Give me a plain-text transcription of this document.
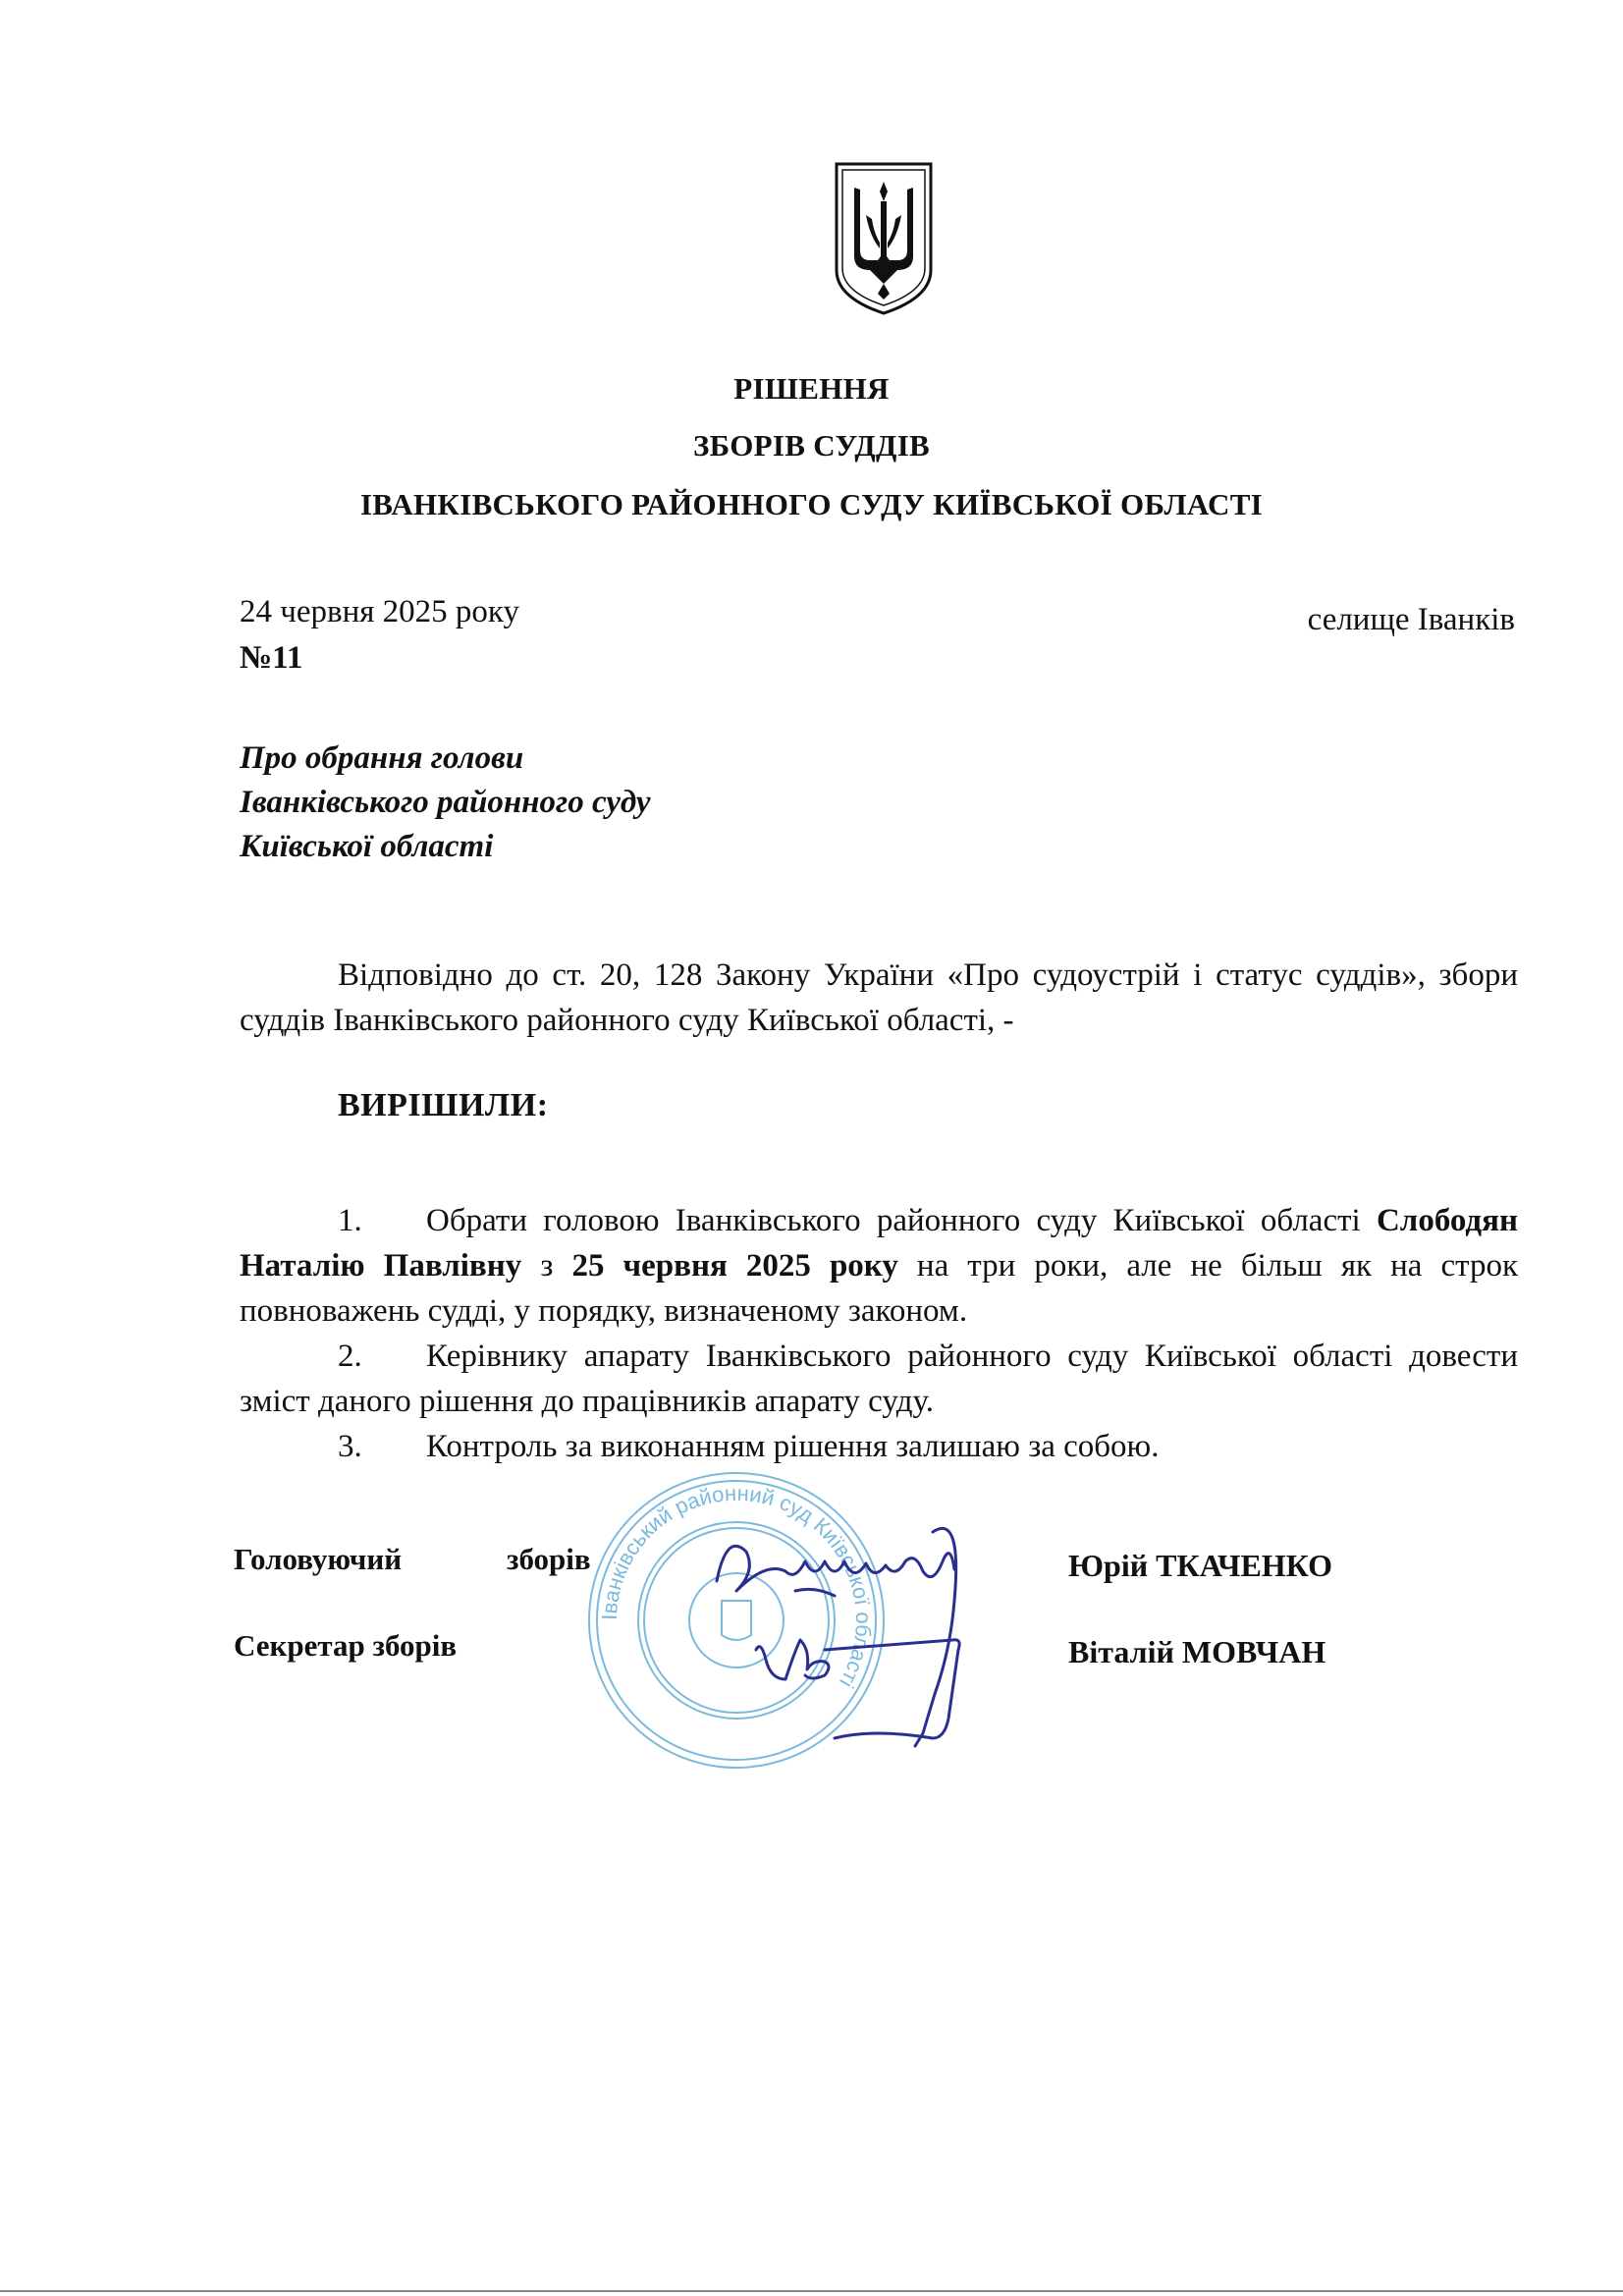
РІШЕННЯ
ЗБОРІВ СУДДІВ
ІВАНКІВСЬКОГО РАЙОННОГО СУДУ КИЇВСЬКОЇ ОБЛАСТІ
24 червня 2025 року
№11
селище Іванків
Про обрання голови
Іванківського районного суду
Київської області
Відповідно до ст. 20, 128 Закону України «Про судоустрій і статус суддів», збори суддів Іванківського районного суду Київської області, -
ВИРІШИЛИ:

1. Обрати головою Іванківського районного суду Київської області Слободян Наталію Павлівну з 25 червня 2025 року на три роки, але не більш як на строк повноважень судді, у порядку, визначеному законом.

2. Керівнику апарату Іванківського районного суду Київської області довести зміст даного рішення до працівників апарату суду.

3. Контроль за виконанням рішення залишаю за собою.

Іванківський районний суд Київської області
Головуючий	зборів	Юрій ТКАЧЕНКО
Секретар зборів	Віталій МОВЧАН
